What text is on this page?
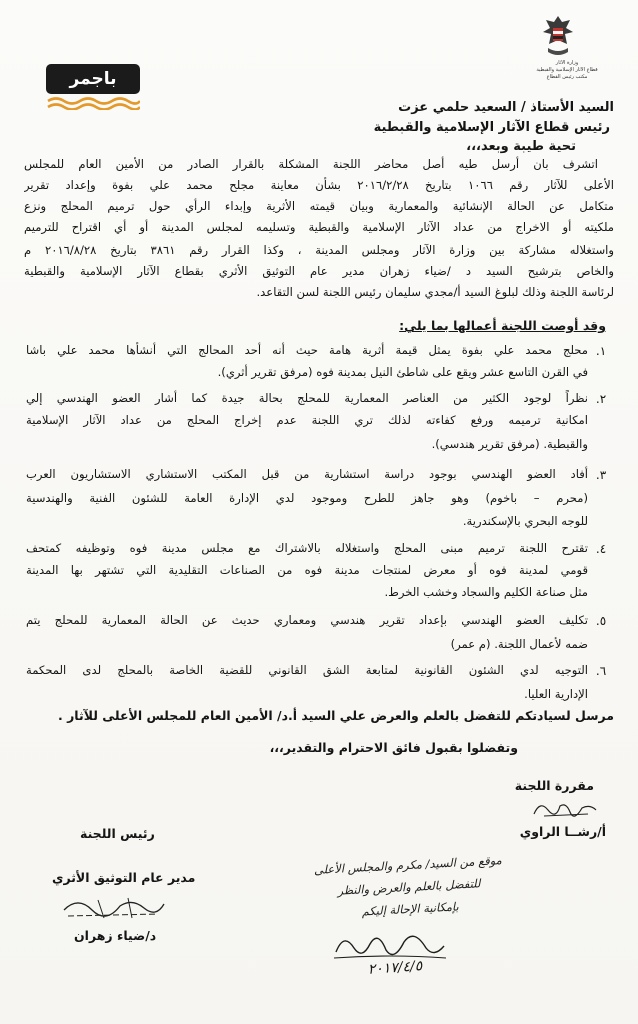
وزارة الآثار
قطاع الآثار الإسلامية والقبطية
مكتب رئيس القطاع
باجمر
السيد الأستاذ / السعيد حلمي عزت
رئيس قطاع الآثار الإسلامية والقبطية
تحية طيبة وبعد،،،
اتشرف بان أرسل طيه أصل محاضر اللجنة المشكلة بالقرار الصادر من الأمين العام للمجلس
الأعلى للآثار رقم ١٠٦٦ بتاريخ ٢٠١٦/٢/٢٨ بشأن معاينة مجلح محمد علي بفوة وإعداد تقرير
متكامل عن الحالة الإنشائية والمعمارية وبيان قيمته الأثرية وإبداء الرأي حول ترميم المحلج ونزع
ملكيته أو الاخراج من عداد الآثار الإسلامية والقبطية وتسليمه لمجلس المدينة أو أي اقتراح للترميم
واستغلاله مشاركة بين وزارة الآثار ومجلس المدينة ، وكذا القرار رقم ٣٨٦١ بتاريخ ٢٠١٦/٨/٢٨ م
والخاص بترشيح السيد د /ضياء زهران مدير عام التوثيق الأثري بقطاع الآثار الإسلامية والقبطية
لرئاسة اللجنة وذلك لبلوغ السيد أ/مجدي سليمان رئيس اللجنة لسن التقاعد.
وقد أوصت اللجنة أعمالها بما يلي:
١.
محلج محمد علي بفوة يمثل قيمة أثرية هامة حيث أنه أحد المحالج التي أنشأها محمد علي باشا
في القرن التاسع عشر ويقع على شاطئ النيل بمدينة فوه (مرفق تقرير أثري).
٢.
نظراً لوجود الكثير من العناصر المعمارية للمحلج بحالة جيدة كما أشار العضو الهندسي إلي
امكانية ترميمه ورفع كفاءته لذلك تري اللجنة عدم إخراج المحلج من عداد الآثار الإسلامية
والقبطية. (مرفق تقرير هندسي).
٣.
أفاد العضو الهندسي بوجود دراسة استشارية من قبل المكتب الاستشاري الاستشاريون العرب
(محرم – باخوم) وهو جاهز للطرح وموجود لدي الإدارة العامة للشئون الفنية والهندسية
للوجه البحري بالإسكندرية.
٤.
تقترح اللجنة ترميم مبنى المحلج واستغلاله بالاشتراك مع مجلس مدينة فوه وتوظيفه كمتحف
قومي لمدينة فوه أو معرض لمنتجات مدينة فوه من الصناعات التقليدية التي تشتهر بها المدينة
مثل صناعة الكليم والسجاد وخشب الخرط.
٥.
تكليف العضو الهندسي بإعداد تقرير هندسي ومعماري حديث عن الحالة المعمارية للمحلج يتم
ضمه لأعمال اللجنة. (م عمر)
٦.
التوجيه لدي الشئون القانونية لمتابعة الشق القانوني للقضية الخاصة بالمحلج لدى المحكمة
الإدارية العليا.
مرسل لسيادتكم للتفضل بالعلم والعرض علي السيد أ.د/ الأمين العام للمجلس الأعلى للآثار .
وتفضلوا بقبول فائق الاحترام والتقدير،،،
مقررة اللجنة
أ/رشــا الراوي
رئيس اللجنة
مدير عام التوثيق الأثري
د/ضياء زهران
موقع من السيد/ مكرم والمجلس الأعلى
للتفضل بالعلم والعرض والنظر
بإمكانية الإحالة إليكم
٢٠١٧/٤/٥
